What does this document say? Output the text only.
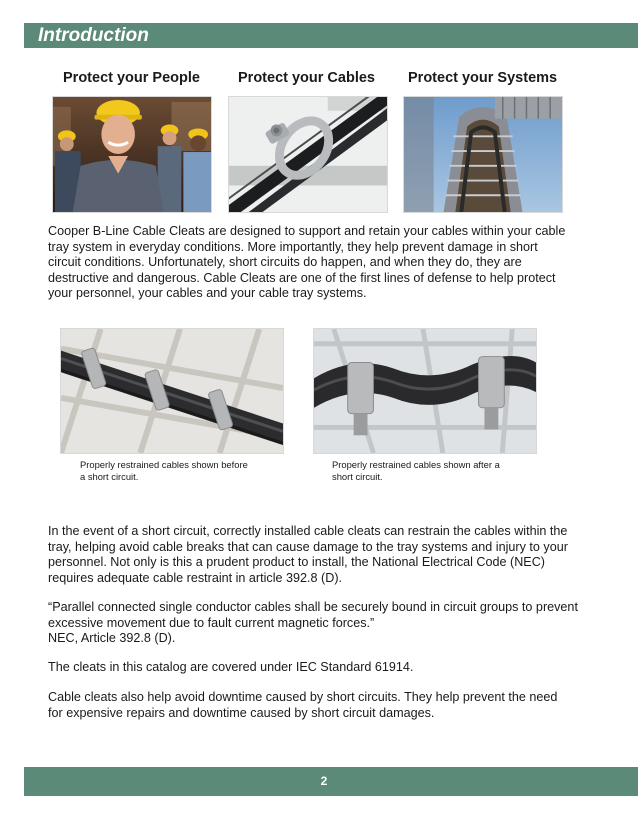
Introduction
Protect your People	Protect your Cables Protect your Systems
Cooper B-Line Cable Cleats are designed to support and retain your cables within your cable
tray system in everyday conditions. More importantly, they help prevent damage in short
circuit conditions. Unfortunately, short circuits do happen, and when they do, they are
destructive and dangerous. Cable Cleats are one of the first lines of defense to help protect
your personnel, your cables and your cable tray systems.
Properly restrained cables shown before
a short circuit.
Properly restrained cables shown after a
short circuit.
In the event of a short circuit, correctly installed cable cleats can restrain the cables within the
tray, helping avoid cable breaks that can cause damage to the tray systems and injury to your
personnel. Not only is this a prudent product to install, the National Electrical Code (NEC)
requires adequate cable restraint in article 392.8 (D).
“Parallel connected single conductor cables shall be securely bound in circuit groups to prevent
excessive movement due to fault current magnetic forces.”
NEC, Article 392.8 (D).
The cleats in this catalog are covered under IEC Standard 61914.
Cable cleats also help avoid downtime caused by short circuits. They help prevent the need
for expensive repairs and downtime caused by short circuit damages.
2
